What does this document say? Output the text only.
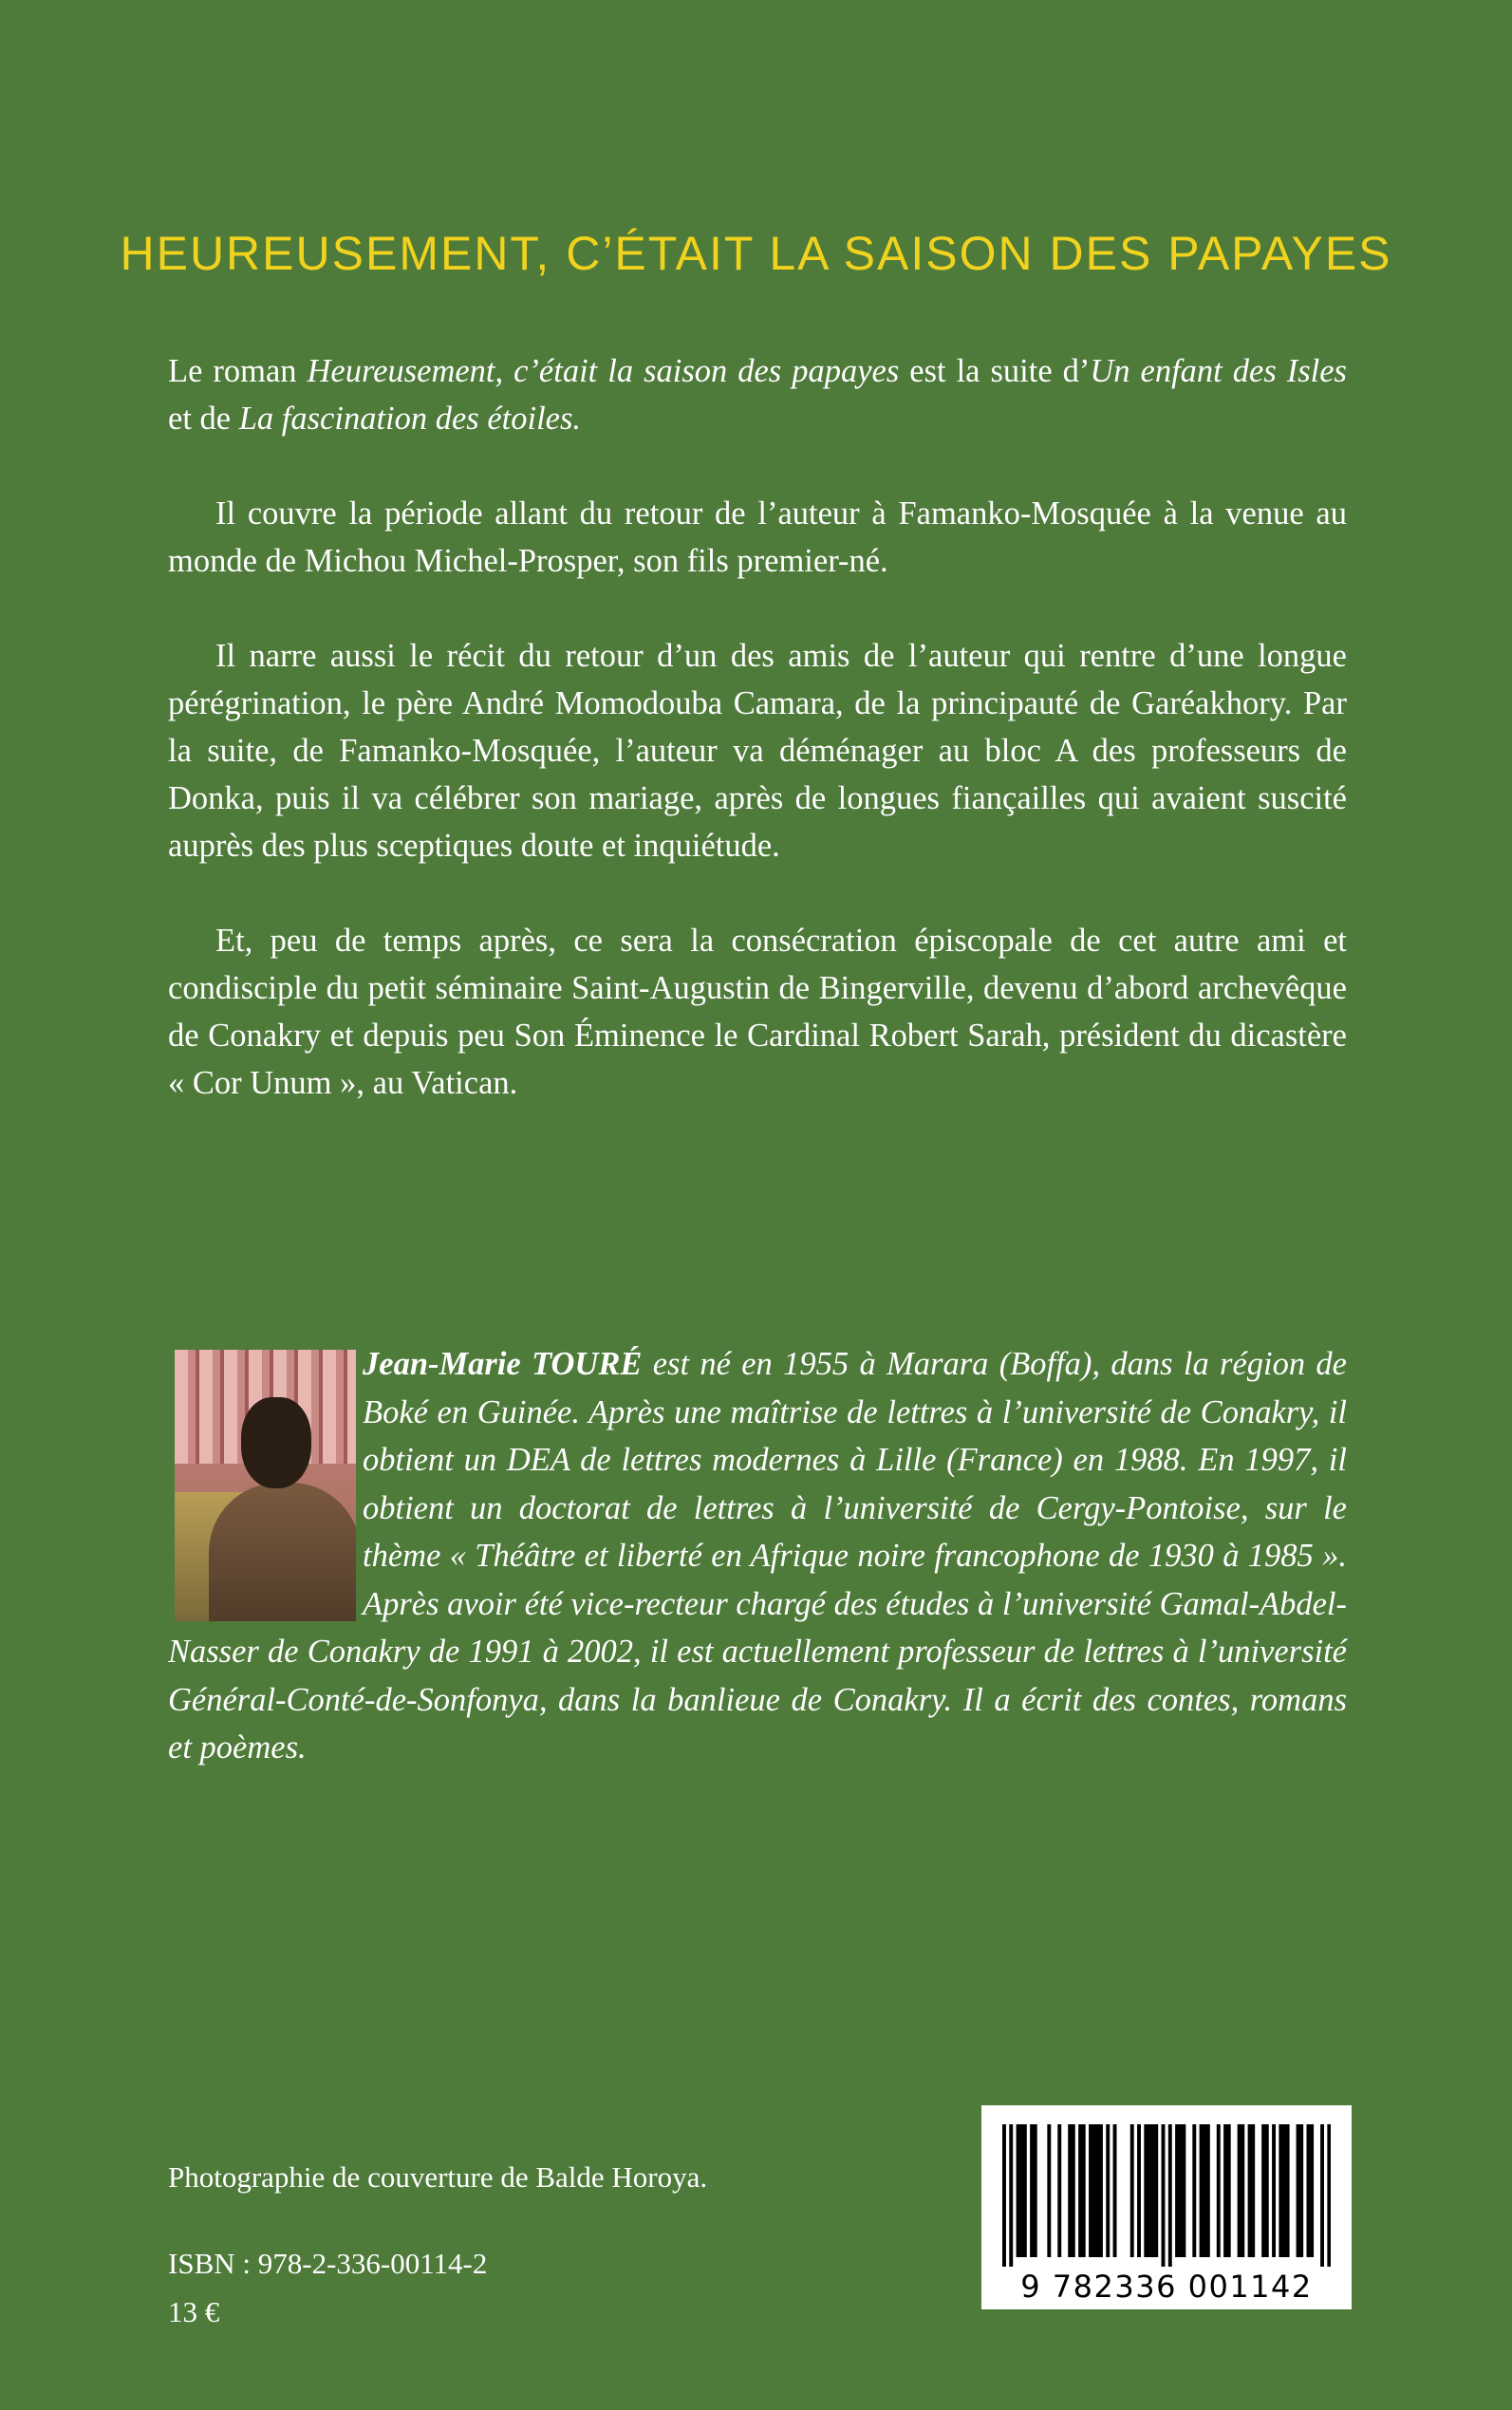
HEUREUSEMENT, C’ÉTAIT LA SAISON DES PAPAYES

Le roman Heureusement, c’était la saison des papayes est la suite d’Un enfant des Isles et de La fascination des étoiles.

Il couvre la période allant du retour de l’auteur à Famanko-Mosquée à la venue au monde de Michou Michel-Prosper, son fils premier-né.

Il narre aussi le récit du retour d’un des amis de l’auteur qui rentre d’une longue pérégrination, le père André Momodouba Camara, de la principauté de Garéakhory. Par la suite, de Famanko-Mosquée, l’auteur va déménager au bloc A des professeurs de Donka, puis il va célébrer son mariage, après de longues fiançailles qui avaient suscité auprès des plus sceptiques doute et inquiétude.

Et, peu de temps après, ce sera la consécration épiscopale de cet autre ami et condisciple du petit séminaire Saint-Augustin de Bingerville, devenu d’abord archevêque de Conakry et depuis peu Son Éminence le Cardinal Robert Sarah, président du dicastère « Cor Unum », au Vatican.

Jean-Marie TOURÉ est né en 1955 à Marara (Boffa), dans la région de Boké en Guinée. Après une maîtrise de lettres à l’université de Conakry, il obtient un DEA de lettres modernes à Lille (France) en 1988. En 1997, il obtient un doctorat de lettres à l’université de Cergy-Pontoise, sur le thème « Théâtre et liberté en Afrique noire francophone de 1930 à 1985 ». Après avoir été vice-recteur chargé des études à l’université Gamal-Abdel-Nasser de Conakry de 1991 à 2002, il est actuellement professeur de lettres à l’université Général-Conté-de-Sonfonya, dans la banlieue de Conakry. Il a écrit des contes, romans et poèmes.
Photographie de couverture de Balde Horoya.
ISBN : 978-2-336-00114-2
13 €
9 782336 001142
